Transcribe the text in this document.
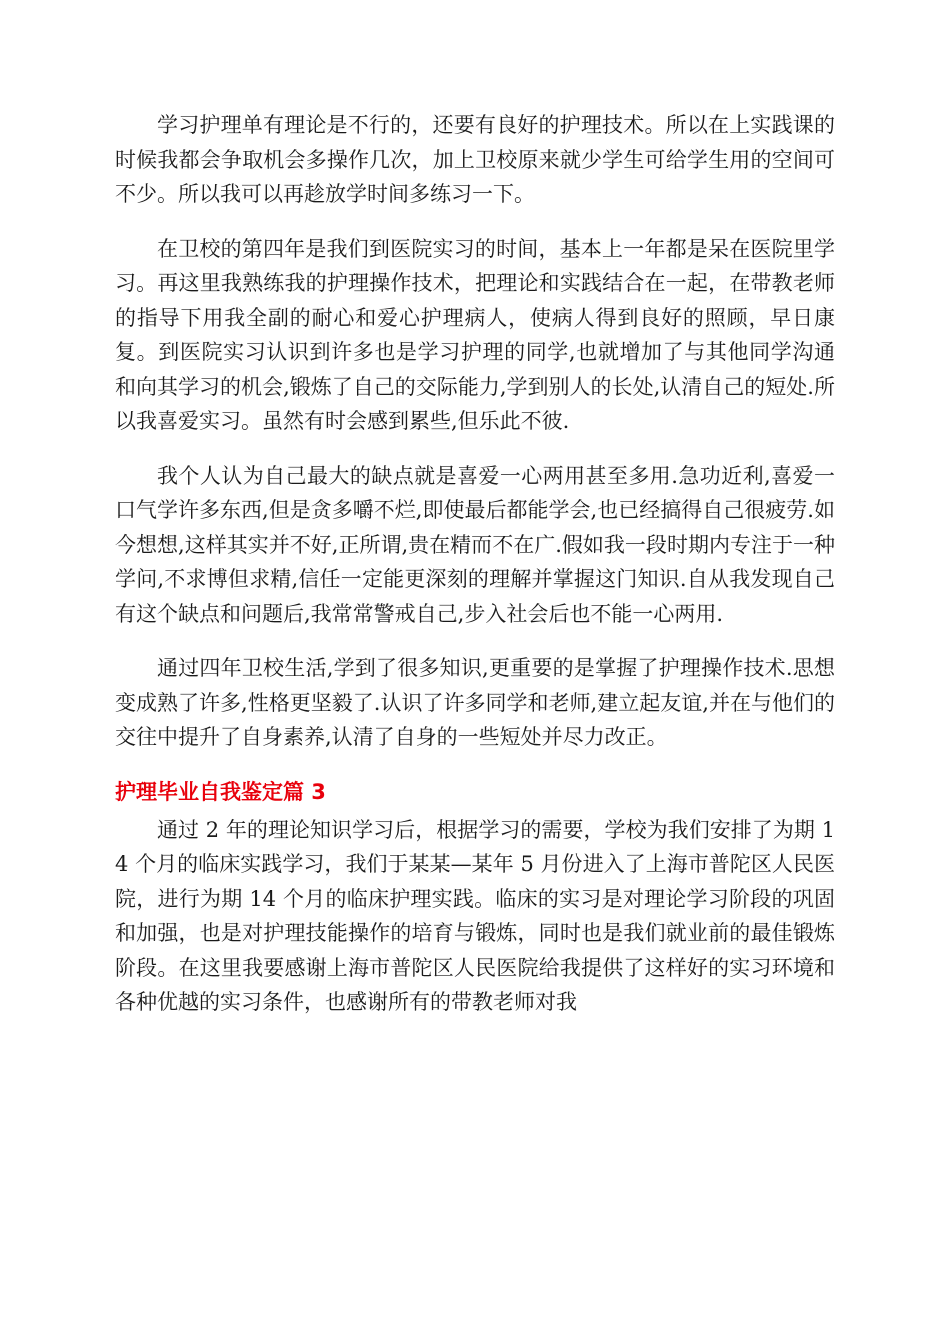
学习护理单有理论是不行的，还要有良好的护理技术。所以在上实践课的时候我都会争取机会多操作几次，加上卫校原来就少学生可给学生用的空间可不少。所以我可以再趁放学时间多练习一下。

在卫校的第四年是我们到医院实习的时间，基本上一年都是呆在医院里学习。再这里我熟练我的护理操作技术，把理论和实践结合在一起，在带教老师的指导下用我全副的耐心和爱心护理病人，使病人得到良好的照顾，早日康复。到医院实习认识到许多也是学习护理的同学,也就增加了与其他同学沟通和向其学习的机会,锻炼了自己的交际能力,学到别人的长处,认清自己的短处.所以我喜爱实习。虽然有时会感到累些,但乐此不彼.

我个人认为自己最大的缺点就是喜爱一心两用甚至多用.急功近利,喜爱一口气学许多东西,但是贪多嚼不烂,即使最后都能学会,也已经搞得自己很疲劳.如今想想,这样其实并不好,正所谓,贵在精而不在广.假如我一段时期内专注于一种学问,不求博但求精,信任一定能更深刻的理解并掌握这门知识.自从我发现自己有这个缺点和问题后,我常常警戒自己,步入社会后也不能一心两用.

通过四年卫校生活,学到了很多知识,更重要的是掌握了护理操作技术.思想变成熟了许多,性格更坚毅了.认识了许多同学和老师,建立起友谊,并在与他们的交往中提升了自身素养,认清了自身的一些短处并尽力改正。

护理毕业自我鉴定篇 3

通过 2 年的理论知识学习后，根据学习的需要，学校为我们安排了为期 14 个月的临床实践学习，我们于某某—某年 5 月份进入了上海市普陀区人民医院，进行为期 14 个月的临床护理实践。临床的实习是对理论学习阶段的巩固和加强，也是对护理技能操作的培育与锻炼，同时也是我们就业前的最佳锻炼阶段。在这里我要感谢上海市普陀区人民医院给我提供了这样好的实习环境和各种优越的实习条件，也感谢所有的带教老师对我
